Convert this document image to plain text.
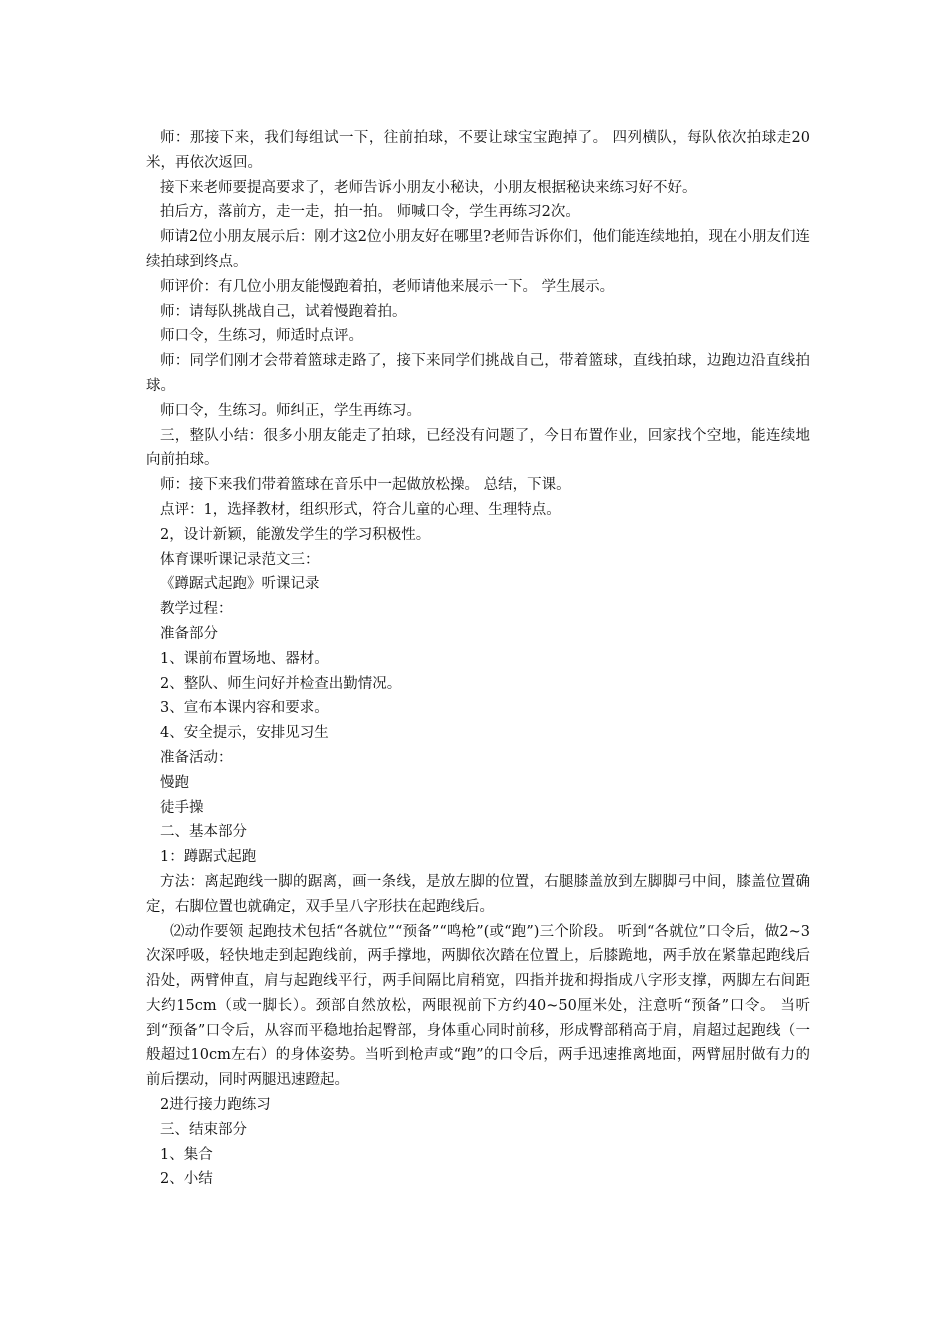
师：那接下来，我们每组试一下，往前拍球，不要让球宝宝跑掉了。 四列横队，每队依次拍球走20米，再依次返回。

接下来老师要提高要求了，老师告诉小朋友小秘诀，小朋友根据秘诀来练习好不好。

拍后方，落前方，走一走，拍一拍。 师喊口令，学生再练习2次。

师请2位小朋友展示后：刚才这2位小朋友好在哪里?老师告诉你们，他们能连续地拍，现在小朋友们连续拍球到终点。

师评价：有几位小朋友能慢跑着拍，老师请他来展示一下。 学生展示。

师：请每队挑战自己，试着慢跑着拍。

师口令，生练习，师适时点评。

师：同学们刚才会带着篮球走路了，接下来同学们挑战自己，带着篮球，直线拍球，边跑边沿直线拍球。

师口令，生练习。师纠正，学生再练习。

三，整队小结：很多小朋友能走了拍球，已经没有问题了，今日布置作业，回家找个空地，能连续地向前拍球。

师：接下来我们带着篮球在音乐中一起做放松操。 总结，下课。

点评：1，选择教材，组织形式，符合儿童的心理、生理特点。

2，设计新颖，能激发学生的学习积极性。

体育课听课记录范文三：

《蹲踞式起跑》听课记录

教学过程：

准备部分

1、课前布置场地、器材。

2、整队、师生问好并检查出勤情况。

3、宣布本课内容和要求。

4、安全提示，安排见习生

准备活动：

慢跑

徒手操

二、基本部分

1：蹲踞式起跑

方法：离起跑线一脚的踞离，画一条线，是放左脚的位置，右腿膝盖放到左脚脚弓中间，膝盖位置确定，右脚位置也就确定，双手呈八字形扶在起跑线后。

⑵动作要领 起跑技术包括“各就位”“预备”“鸣枪”(或“跑”)三个阶段。 听到“各就位”口令后，做2~3次深呼吸，轻快地走到起跑线前，两手撑地，两脚依次踏在位置上，后膝跪地，两手放在紧靠起跑线后沿处，两臂伸直，肩与起跑线平行，两手间隔比肩稍宽，四指并拢和拇指成八字形支撑，两脚左右间距大约15cm（或一脚长）。颈部自然放松，两眼视前下方约40~50厘米处，注意听“预备”口令。 当听到“预备”口令后，从容而平稳地抬起臀部，身体重心同时前移，形成臀部稍高于肩，肩超过起跑线（一般超过10cm左右）的身体姿势。当听到枪声或“跑”的口令后，两手迅速推离地面，两臂屈肘做有力的前后摆动，同时两腿迅速蹬起。

2进行接力跑练习

三、结束部分

1、集合

2、小结
